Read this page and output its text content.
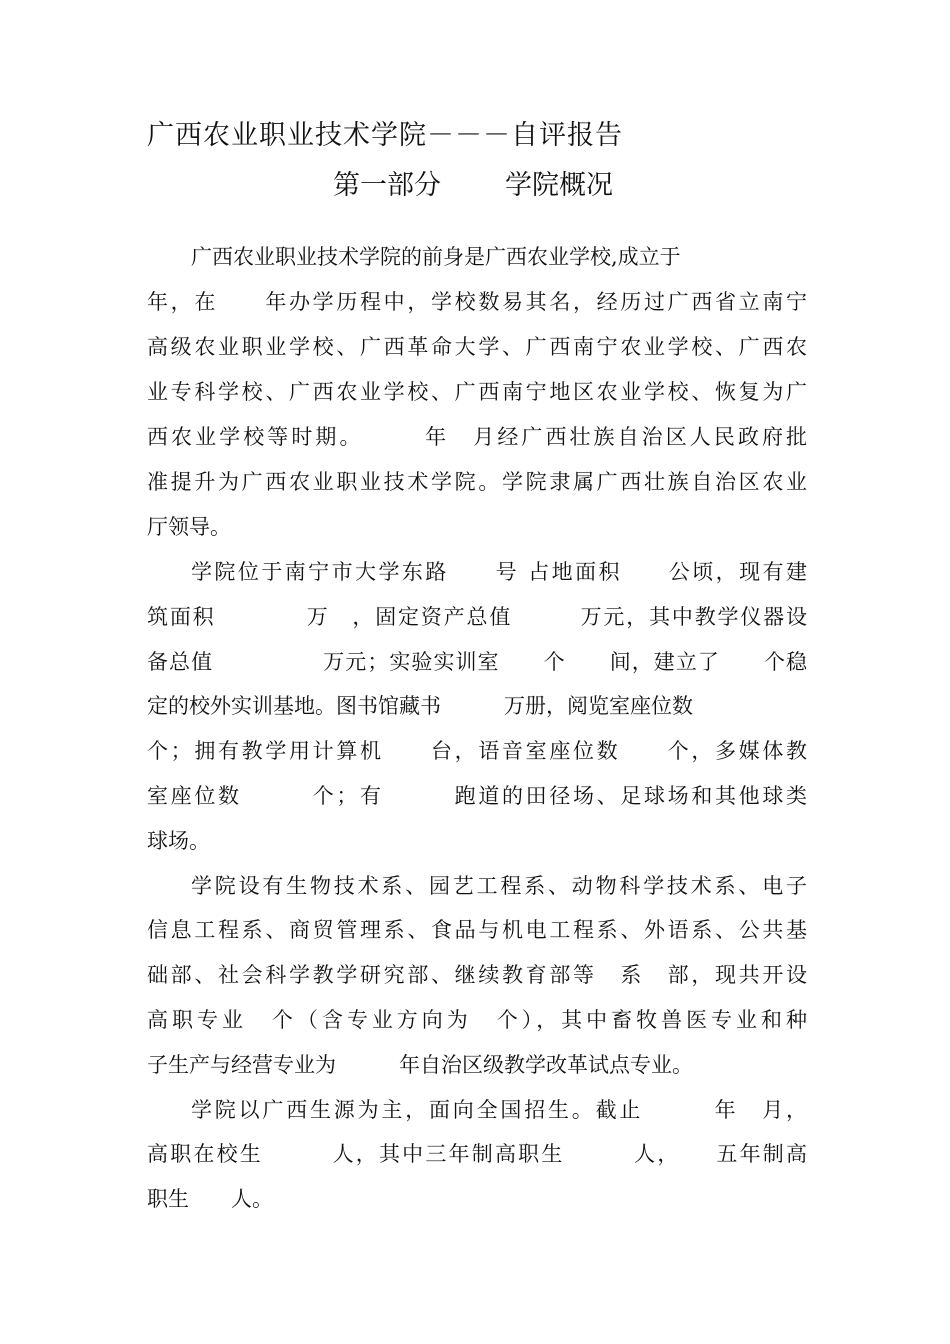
广西农业职业技术学院－－－自评报告
第一部分 学院概况
广西农业职业技术学院的前身是广西农业学校,成立于
年，在　　年办学历程中，学校数易其名，经历过广西省立南宁
高级农业职业学校、广西革命大学、广西南宁农业学校、广西农
业专科学校、广西农业学校、广西南宁地区农业学校、恢复为广
西农业学校等时期。　　　年　月经广西壮族自治区人民政府批
准提升为广西农业职业技术学院。学院隶属广西壮族自治区农业
厅领导。
学院位于南宁市大学东路　　号 占地面积　　公顷，现有建
筑面积　　　　万　，固定资产总值　　　万元，其中教学仪器设
备总值　　　　　万元；实验实训室　　个　　间，建立了　　个稳
定的校外实训基地。图书馆藏书　　　万册，阅览室座位数
个；拥有教学用计算机　　台，语音室座位数　　个，多媒体教
室座位数　　　个；有　　　跑道的田径场、足球场和其他球类
球场。
学院设有生物技术系、园艺工程系、动物科学技术系、电子
信息工程系、商贸管理系、食品与机电工程系、外语系、公共基
础部、社会科学教学研究部、继续教育部等　系　部，现共开设
高职专业　个（含专业方向为　个），其中畜牧兽医专业和种
子生产与经营专业为　　　年自治区级教学改革试点专业。
学院以广西生源为主，面向全国招生。截止　　　年　月，
高职在校生　　　人，其中三年制高职生　　　人，　　五年制高
职生　　人。
